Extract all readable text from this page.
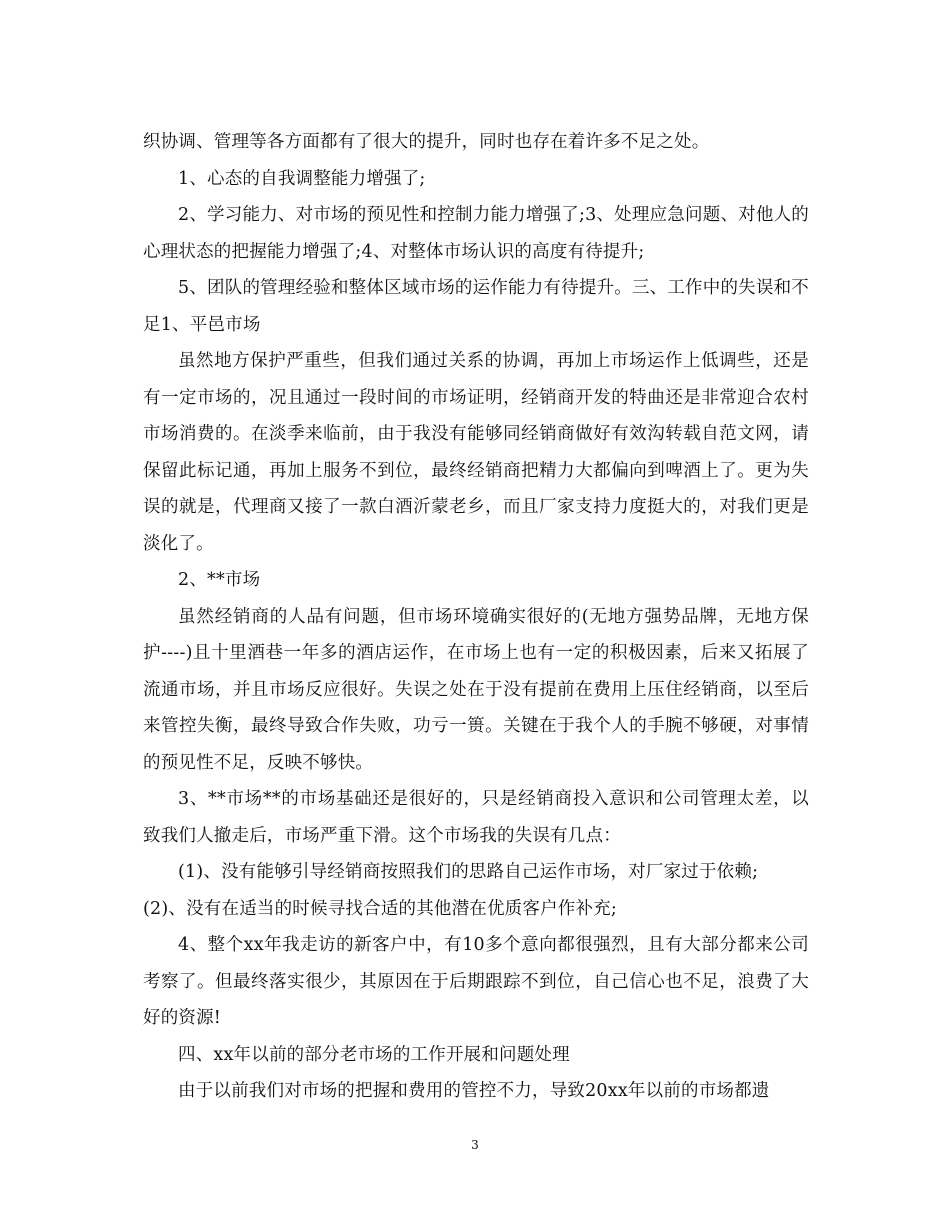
织协调、管理等各方面都有了很大的提升，同时也存在着许多不足之处。

1、心态的自我调整能力增强了;

2、学习能力、对市场的预见性和控制力能力增强了;3、处理应急问题、对他人的心理状态的把握能力增强了;4、对整体市场认识的高度有待提升;

5、团队的管理经验和整体区域市场的运作能力有待提升。三、工作中的失误和不足1、平邑市场

虽然地方保护严重些，但我们通过关系的协调，再加上市场运作上低调些，还是有一定市场的，况且通过一段时间的市场证明，经销商开发的特曲还是非常迎合农村市场消费的。在淡季来临前，由于我没有能够同经销商做好有效沟转载自范文网，请保留此标记通，再加上服务不到位，最终经销商把精力大都偏向到啤酒上了。更为失误的就是，代理商又接了一款白酒沂蒙老乡，而且厂家支持力度挺大的，对我们更是淡化了。

2、**市场

虽然经销商的人品有问题，但市场环境确实很好的(无地方强势品牌，无地方保护----)且十里酒巷一年多的酒店运作，在市场上也有一定的积极因素，后来又拓展了流通市场，并且市场反应很好。失误之处在于没有提前在费用上压住经销商，以至后来管控失衡，最终导致合作失败，功亏一篑。关键在于我个人的手腕不够硬，对事情的预见性不足，反映不够快。

3、**市场**的市场基础还是很好的，只是经销商投入意识和公司管理太差，以致我们人撤走后，市场严重下滑。这个市场我的失误有几点：

(1)、没有能够引导经销商按照我们的思路自己运作市场，对厂家过于依赖;

(2)、没有在适当的时候寻找合适的其他潜在优质客户作补充;

4、整个xx年我走访的新客户中，有10多个意向都很强烈，且有大部分都来公司考察了。但最终落实很少，其原因在于后期跟踪不到位，自己信心也不足，浪费了大好的资源!

四、xx年以前的部分老市场的工作开展和问题处理

由于以前我们对市场的把握和费用的管控不力，导致20xx年以前的市场都遗

3
